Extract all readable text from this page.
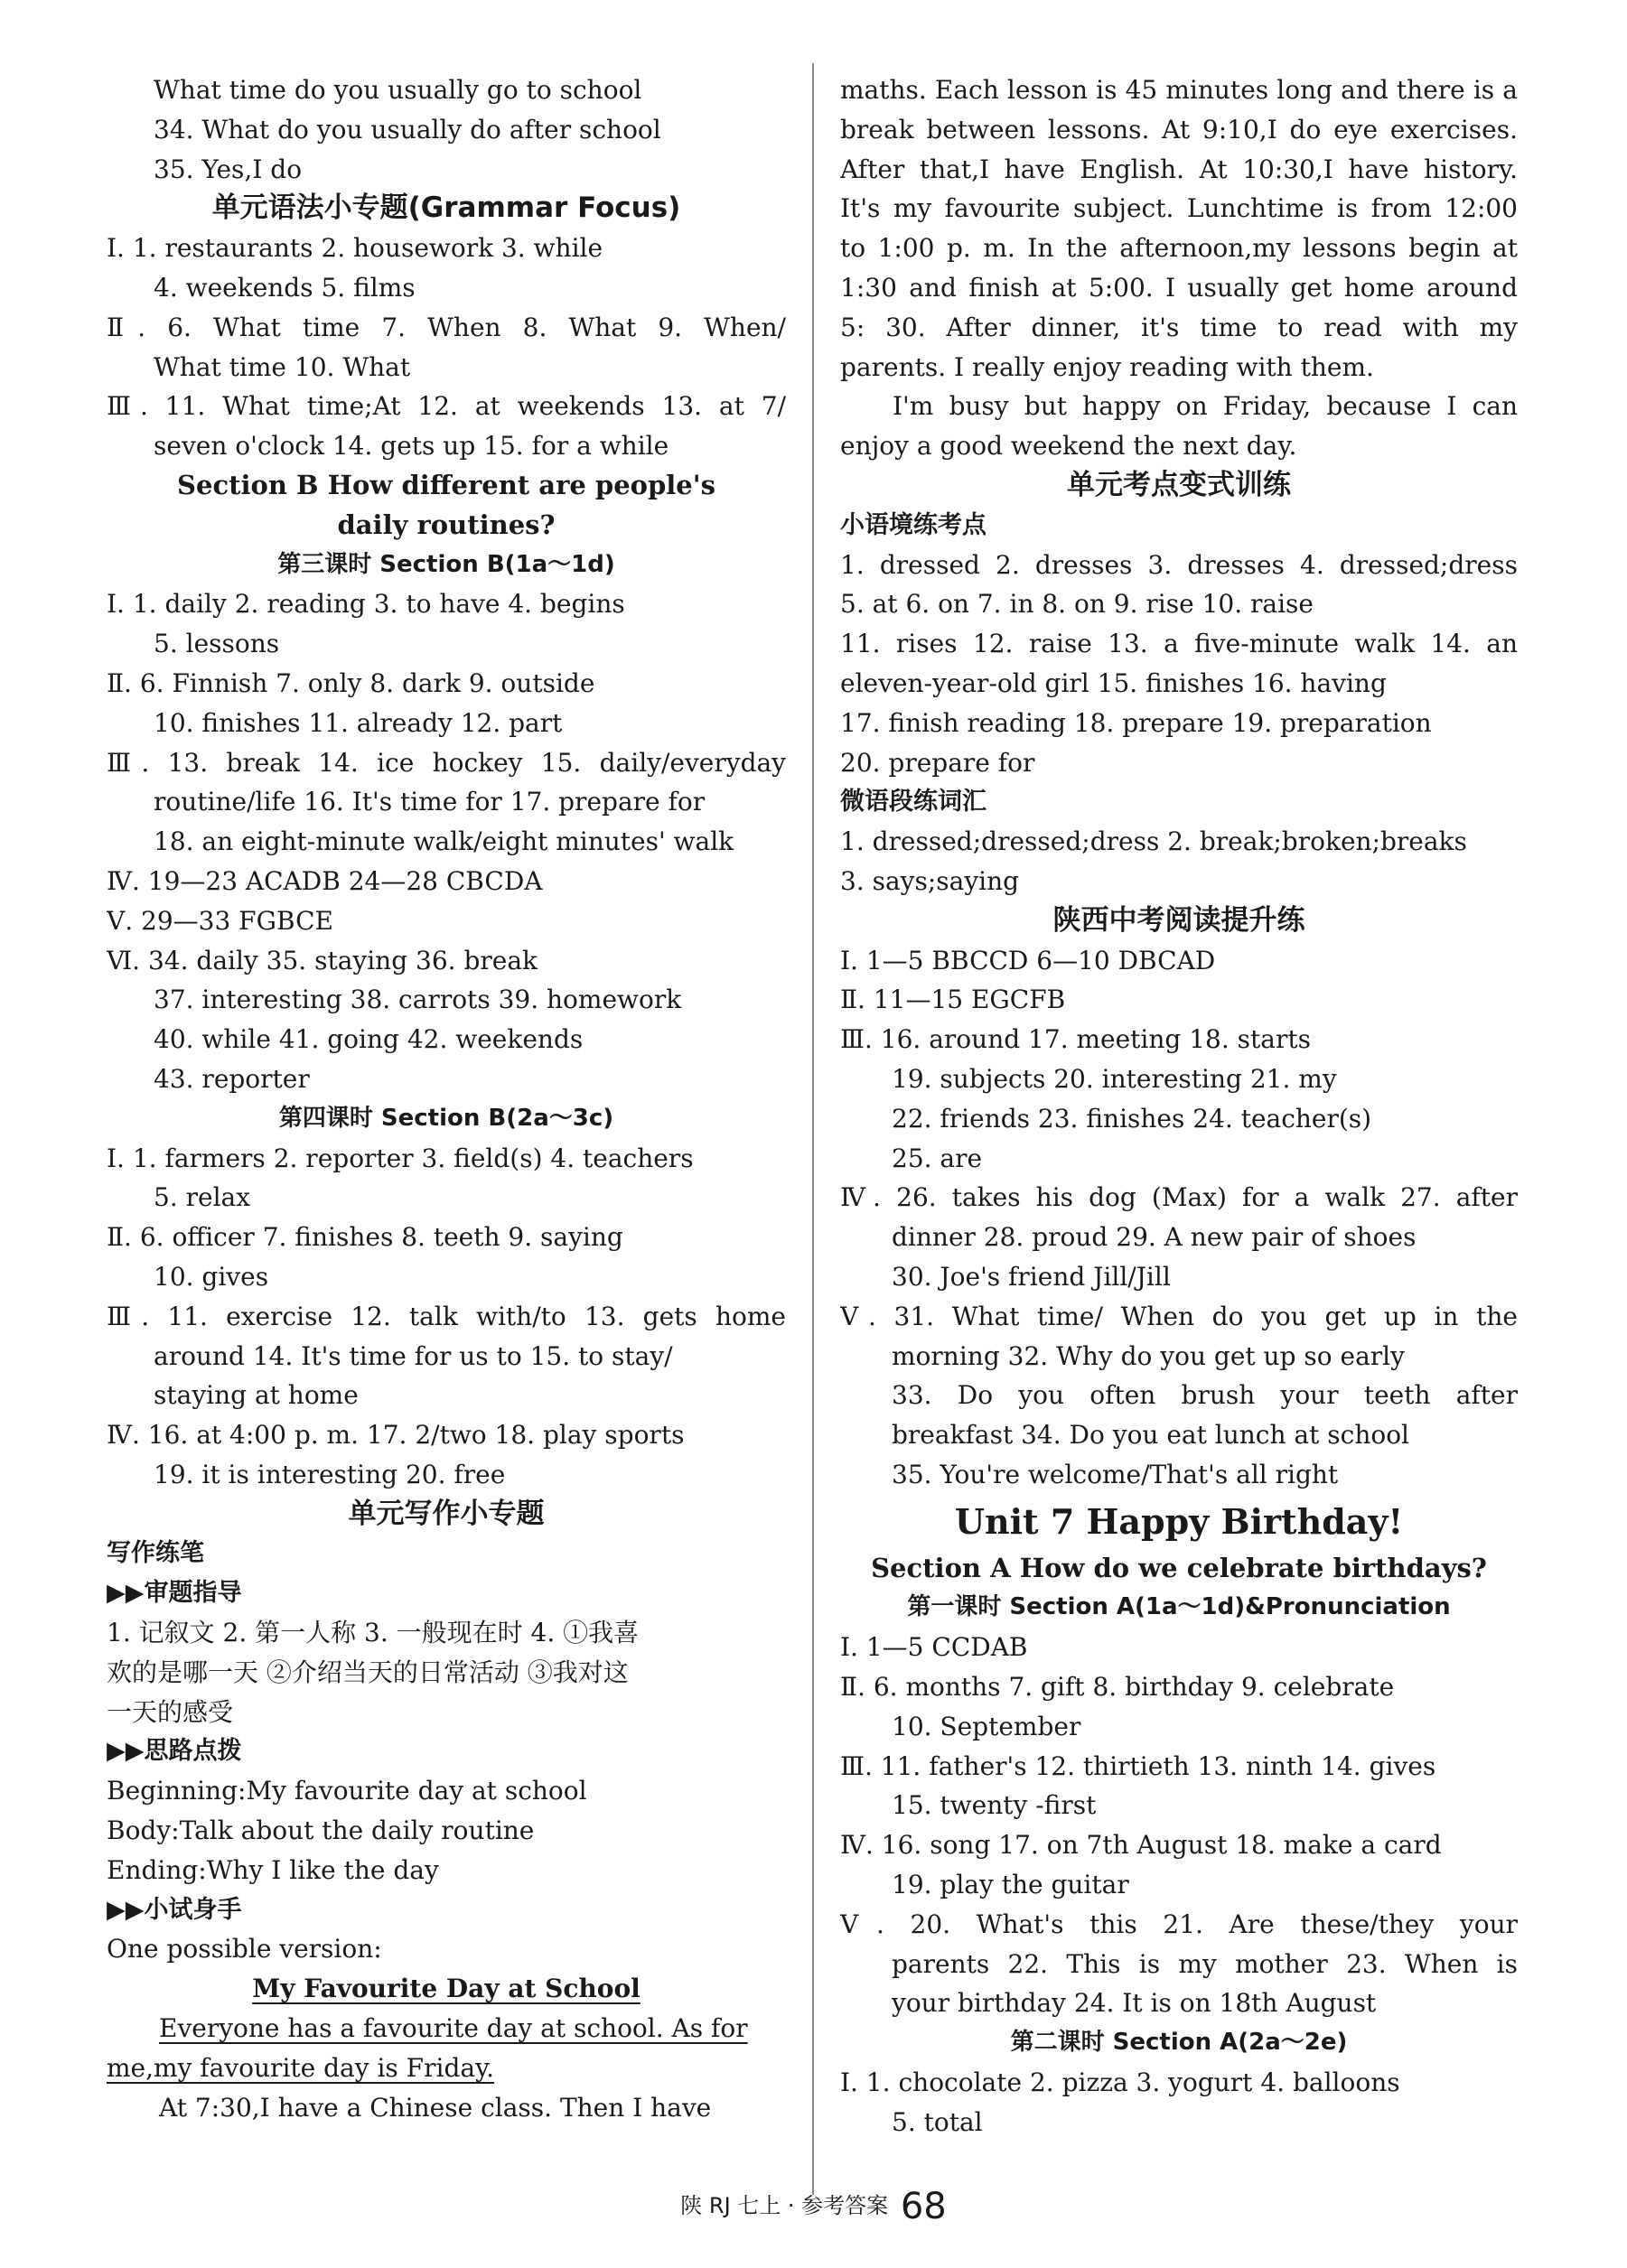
What time do you usually go to school
34. What do you usually do after school
35. Yes,I do
单元语法小专题(Grammar Focus)
Ⅰ. 1. restaurants 2. housework 3. while
4. weekends 5. films
Ⅱ. 6. What time 7. When 8. What 9. When/
What time 10. What
Ⅲ. 11. What time;At 12. at weekends 13. at 7/
seven o'clock 14. gets up 15. for a while
Section B How different are people's
daily routines?
第三课时 Section B(1a～1d)
Ⅰ. 1. daily 2. reading 3. to have 4. begins
5. lessons
Ⅱ. 6. Finnish 7. only 8. dark 9. outside
10. finishes 11. already 12. part
Ⅲ. 13. break 14. ice hockey 15. daily/everyday
routine/life 16. It's time for 17. prepare for
18. an eight-minute walk/eight minutes' walk
Ⅳ. 19—23 ACADB 24—28 CBCDA
Ⅴ. 29—33 FGBCE
Ⅵ. 34. daily 35. staying 36. break
37. interesting 38. carrots 39. homework
40. while 41. going 42. weekends
43. reporter
第四课时 Section B(2a～3c)
Ⅰ. 1. farmers 2. reporter 3. field(s) 4. teachers
5. relax
Ⅱ. 6. officer 7. finishes 8. teeth 9. saying
10. gives
Ⅲ. 11. exercise 12. talk with/to 13. gets home
around 14. It's time for us to 15. to stay/
staying at home
Ⅳ. 16. at 4:00 p. m. 17. 2/two 18. play sports
19. it is interesting 20. free
单元写作小专题
写作练笔
▶▶审题指导
1. 记叙文 2. 第一人称 3. 一般现在时 4. ①我喜
欢的是哪一天 ②介绍当天的日常活动 ③我对这
一天的感受
▶▶思路点拨
Beginning:My favourite day at school
Body:Talk about the daily routine
Ending:Why I like the day
▶▶小试身手
One possible version:
My Favourite Day at School
Everyone has a favourite day at school. As for
me,my favourite day is Friday.
At 7:30,I have a Chinese class. Then I have
maths. Each lesson is 45 minutes long and there is a
break between lessons. At 9:10,I do eye exercises.
After that,I have English. At 10:30,I have history.
It's my favourite subject. Lunchtime is from 12:00
to 1:00 p. m. In the afternoon,my lessons begin at
1:30 and finish at 5:00. I usually get home around
5: 30. After dinner, it's time to read with my
parents. I really enjoy reading with them.
I'm busy but happy on Friday, because I can
enjoy a good weekend the next day.
单元考点变式训练
小语境练考点
1. dressed 2. dresses 3. dresses 4. dressed;dress
5. at 6. on 7. in 8. on 9. rise 10. raise
11. rises 12. raise 13. a five-minute walk 14. an
eleven-year-old girl 15. finishes 16. having
17. finish reading 18. prepare 19. preparation
20. prepare for
微语段练词汇
1. dressed;dressed;dress 2. break;broken;breaks
3. says;saying
陕西中考阅读提升练
Ⅰ. 1—5 BBCCD 6—10 DBCAD
Ⅱ. 11—15 EGCFB
Ⅲ. 16. around 17. meeting 18. starts
19. subjects 20. interesting 21. my
22. friends 23. finishes 24. teacher(s)
25. are
Ⅳ. 26. takes his dog (Max) for a walk 27. after
dinner 28. proud 29. A new pair of shoes
30. Joe's friend Jill/Jill
Ⅴ. 31. What time/ When do you get up in the
morning 32. Why do you get up so early
33. Do you often brush your teeth after
breakfast 34. Do you eat lunch at school
35. You're welcome/That's all right
Unit 7 Happy Birthday!
Section A How do we celebrate birthdays?
第一课时 Section A(1a～1d)&Pronunciation
Ⅰ. 1—5 CCDAB
Ⅱ. 6. months 7. gift 8. birthday 9. celebrate
10. September
Ⅲ. 11. father's 12. thirtieth 13. ninth 14. gives
15. twenty -first
Ⅳ. 16. song 17. on 7th August 18. make a card
19. play the guitar
Ⅴ. 20. What's this 21. Are these/they your
parents 22. This is my mother 23. When is
your birthday 24. It is on 18th August
第二课时 Section A(2a～2e)
Ⅰ. 1. chocolate 2. pizza 3. yogurt 4. balloons
5. total
陕 RJ 七上 · 参考答案 68
